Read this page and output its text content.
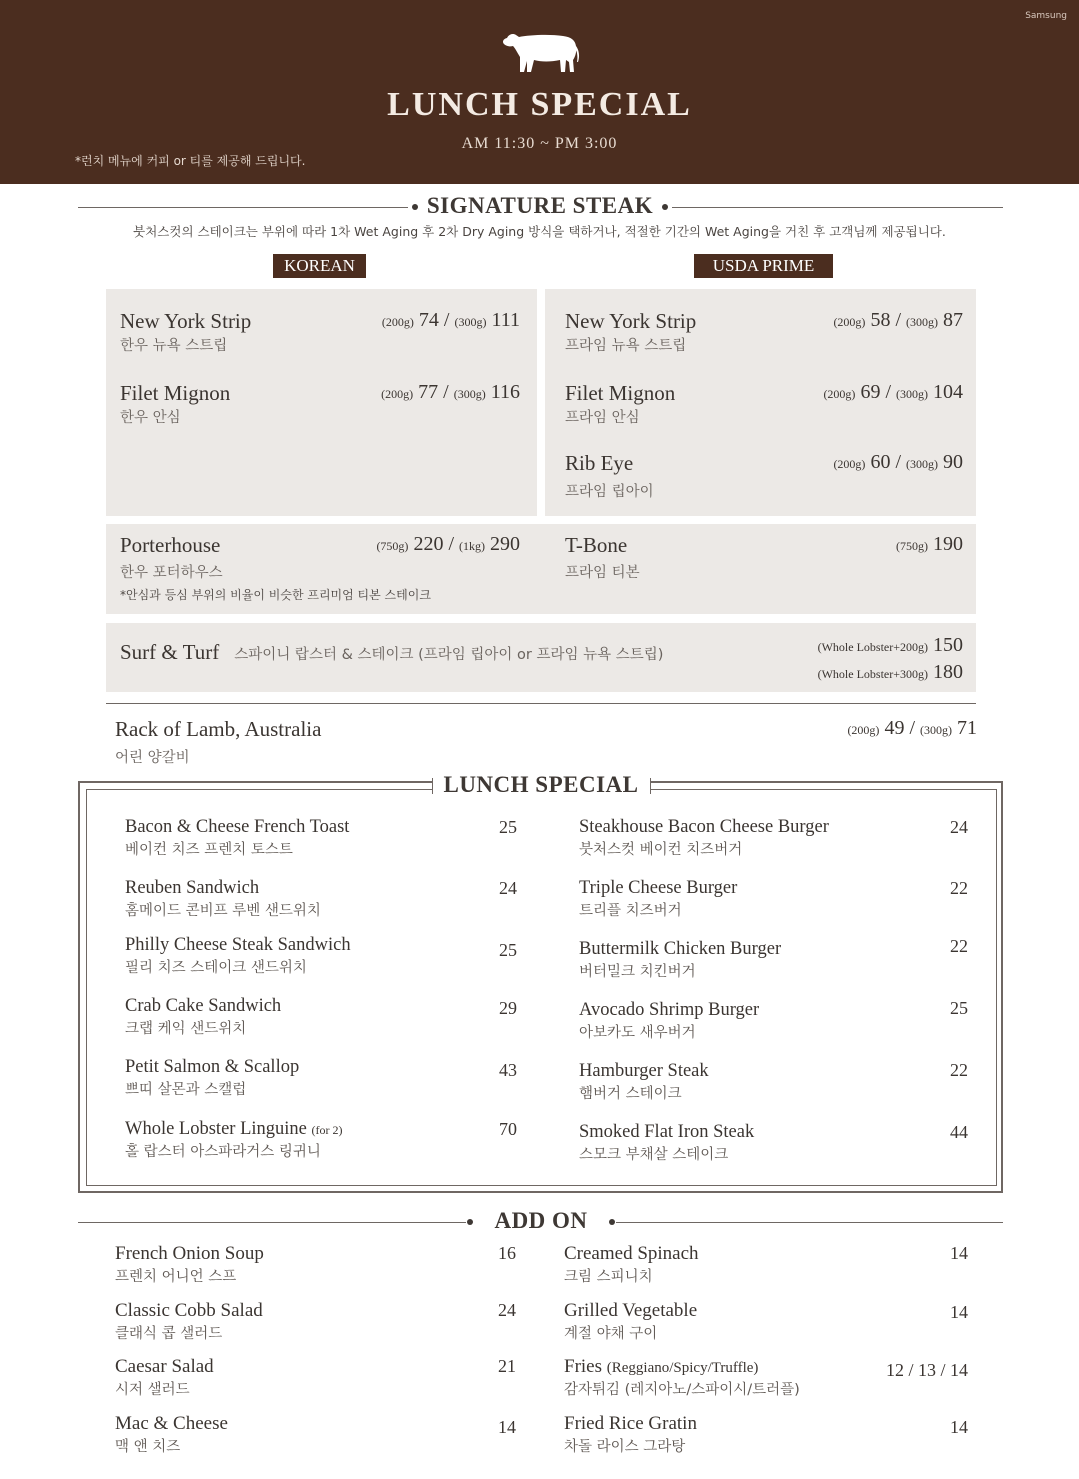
Samsung
LUNCH SPECIAL
AM 11:30 ~ PM 3:00
*런치 메뉴에 커피 or 티를 제공해 드립니다.
SIGNATURE STEAK
붓처스컷의 스테이크는 부위에 따라 1차 Wet Aging 후 2차 Dry Aging 방식을 택하거나, 적절한 기간의 Wet Aging을 거친 후 고객님께 제공됩니다.
KOREAN	USDA PRIME
New York Strip
한우 뉴욕 스트립
(200g) 74 / (300g) 111
Filet Mignon
한우 안심
(200g) 77 / (300g) 116
New York Strip
프라임 뉴욕 스트립
(200g) 58 / (300g) 87
Filet Mignon
프라임 안심
(200g) 69 / (300g) 104
Rib Eye
프라임 립아이
(200g) 60 / (300g) 90
Porterhouse
한우 포터하우스
*안심과 등심 부위의 비율이 비슷한 프리미엄 티본 스테이크
(750g) 220 / (1kg) 290 T-Bone
프라임 티본
(750g) 190
Surf & Turf 스파이니 랍스터 & 스테이크 (프라임 립아이 or 프라임 뉴욕 스트립)	(Whole Lobster+200g) 150
(Whole Lobster+300g) 180
Rack of Lamb, Australia
어린 양갈비
(200g) 49 / (300g) 71
LUNCH SPECIAL
Bacon & Cheese French Toast
베이컨 치즈 프렌치 토스트
25
Reuben Sandwich
홈메이드 콘비프 루벤 샌드위치
24
Philly Cheese Steak Sandwich
필리 치즈 스테이크 샌드위치
25
Crab Cake Sandwich
크랩 케익 샌드위치
29
Petit Salmon & Scallop
쁘띠 살몬과 스캘럽
43
Whole Lobster Linguine (for 2)
홀 랍스터 아스파라거스 링귀니
70
Steakhouse Bacon Cheese Burger
붓처스컷 베이컨 치즈버거
24
Triple Cheese Burger
트리플 치즈버거
22
Buttermilk Chicken Burger
버터밀크 치킨버거
22
Avocado Shrimp Burger
아보카도 새우버거
25
Hamburger Steak
햄버거 스테이크
22
Smoked Flat Iron Steak
스모크 부채살 스테이크
44
ADD ON
French Onion Soup
프렌치 어니언 스프
16
Classic Cobb Salad
클래식 콥 샐러드
24
Caesar Salad
시저 샐러드
21
Mac & Cheese
맥 앤 치즈
14
Creamed Spinach
크림 스피니치
14
Grilled Vegetable
계절 야채 구이
14
Fries (Reggiano/Spicy/Truffle)
감자튀김 (레지아노/스파이시/트러플)
12 / 13 / 14
Fried Rice Gratin
차돌 라이스 그라탕
14
